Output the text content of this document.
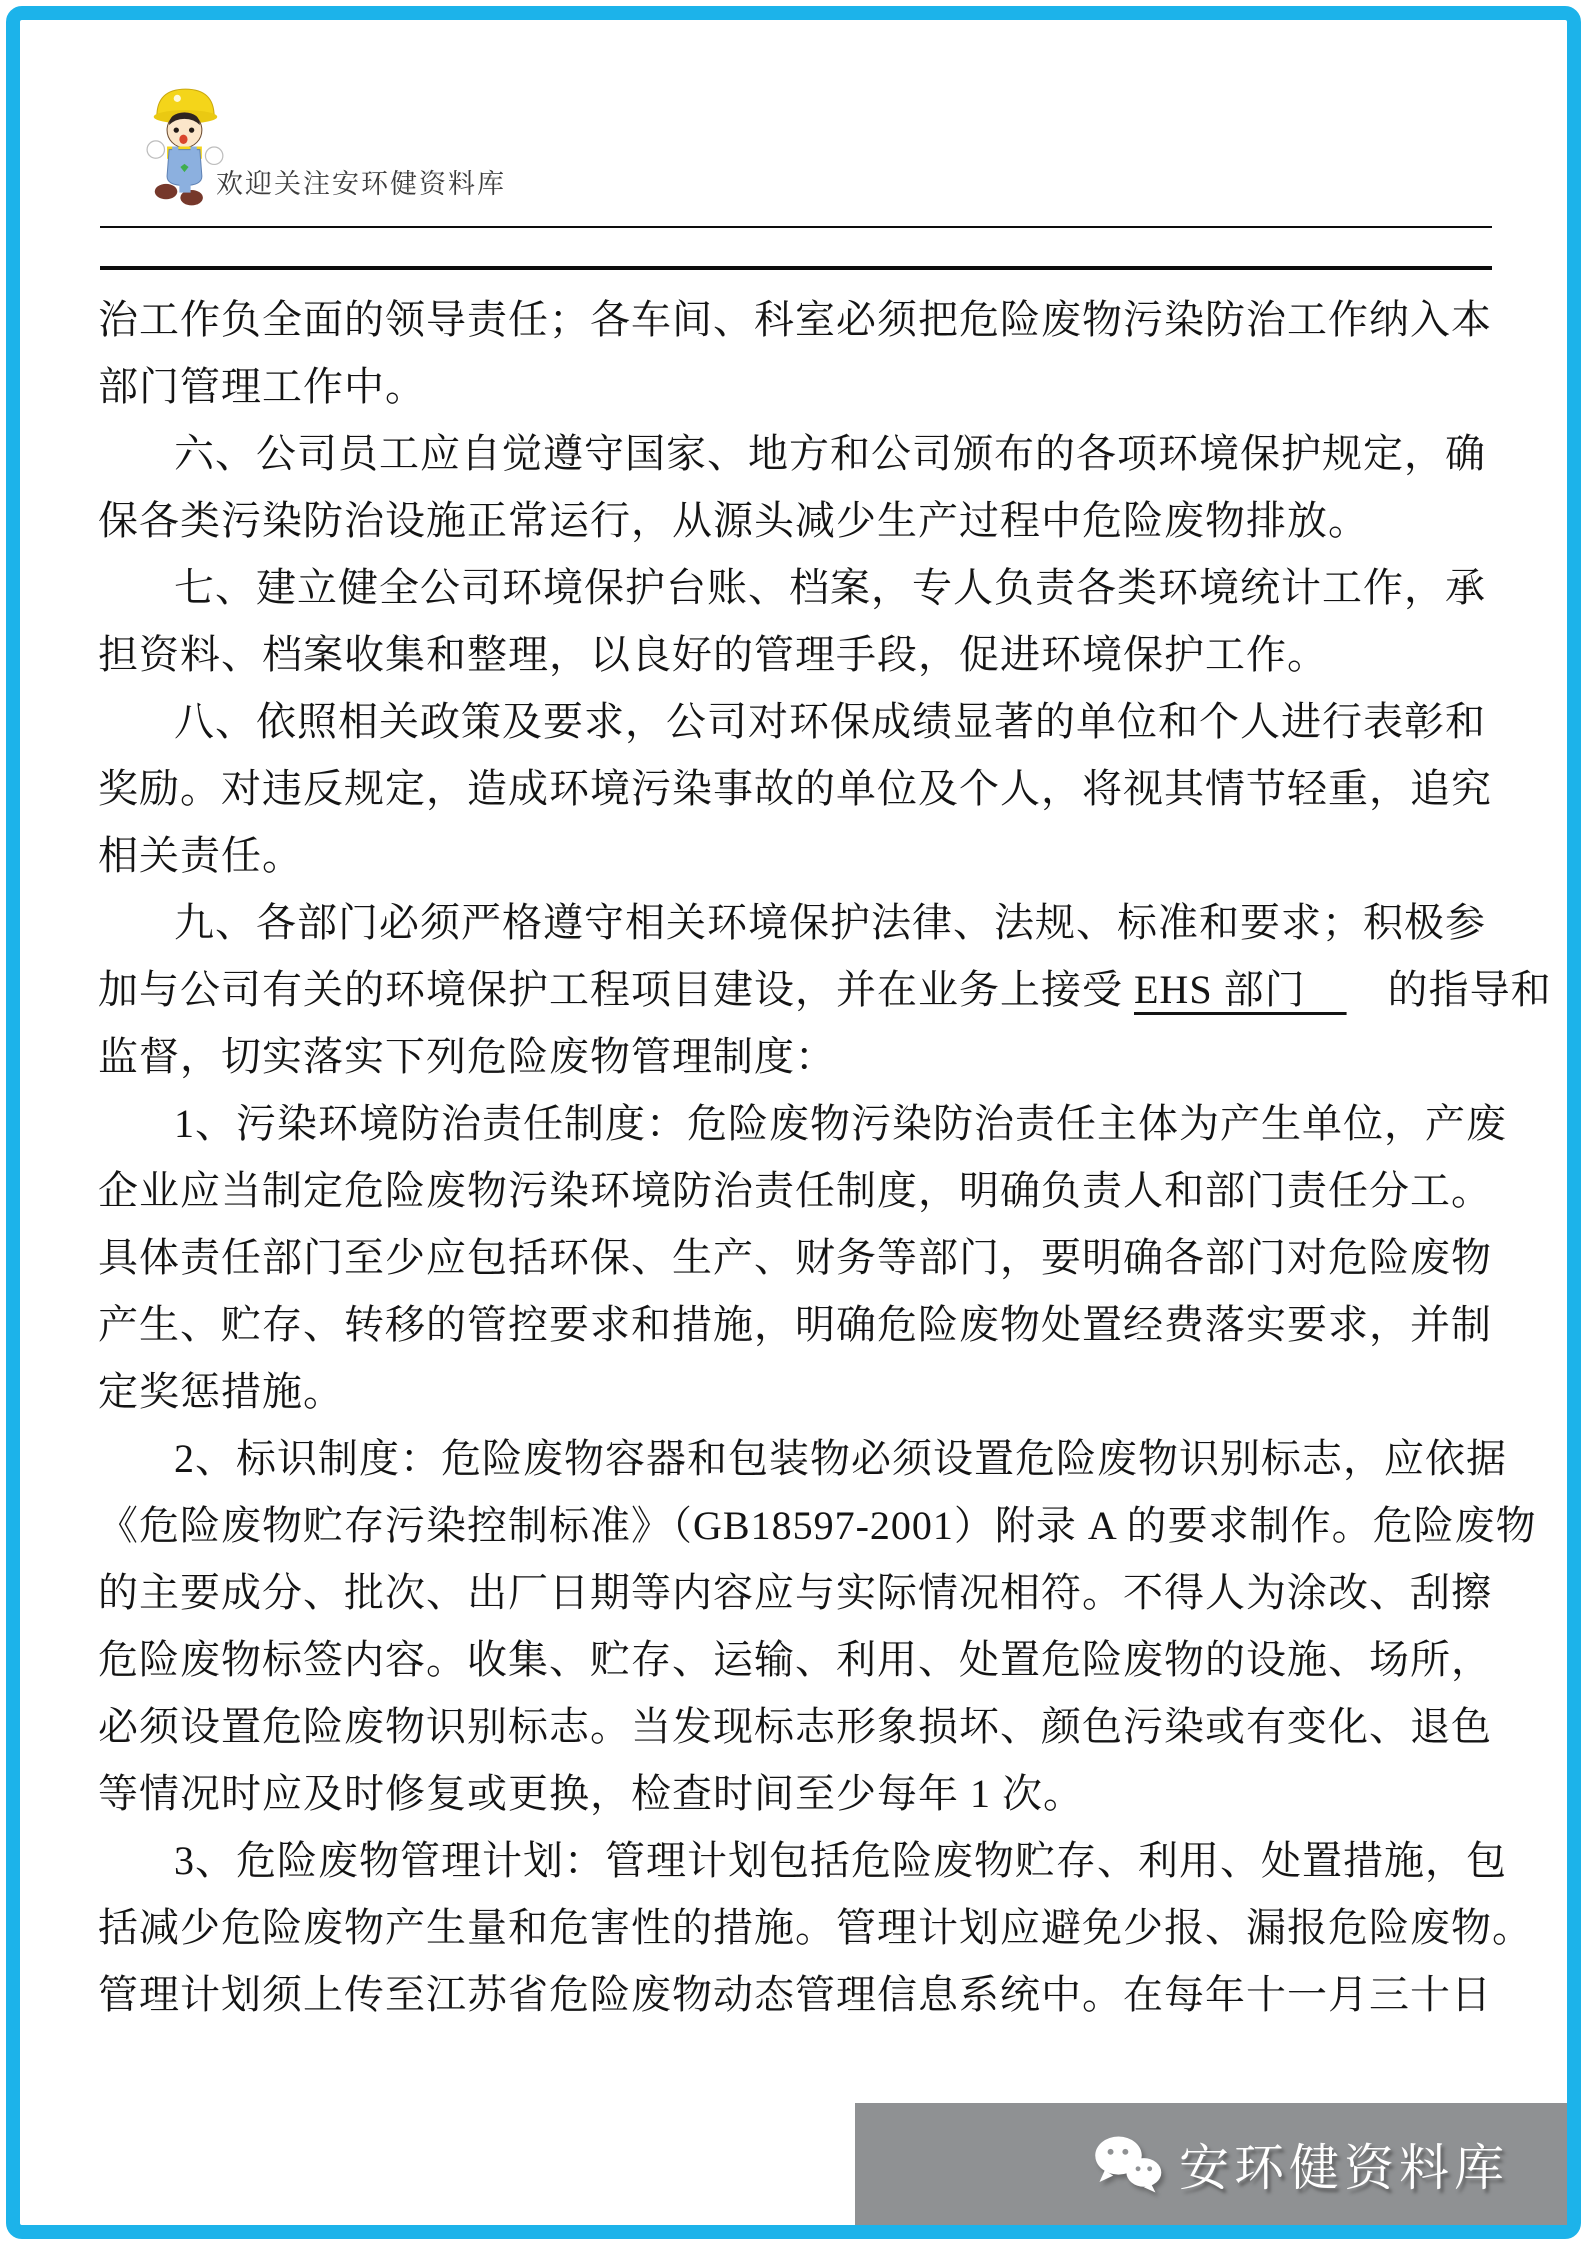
欢迎关注安环健资料库
治工作负全面的领导责任；各车间、科室必须把危险废物污染防治工作纳入本
部门管理工作中。
六、公司员工应自觉遵守国家、地方和公司颁布的各项环境保护规定，确
保各类污染防治设施正常运行，从源头减少生产过程中危险废物排放。
七、建立健全公司环境保护台账、档案，专人负责各类环境统计工作，承
担资料、档案收集和整理，以良好的管理手段，促进环境保护工作。
八、依照相关政策及要求，公司对环保成绩显著的单位和个人进行表彰和
奖励。对违反规定，造成环境污染事故的单位及个人，将视其情节轻重，追究
相关责任。
九、各部门必须严格遵守相关环境保护法律、法规、标准和要求；积极参
加与公司有关的环境保护工程项目建设，并在业务上接受 EHS 部门　　的指导和
监督，切实落实下列危险废物管理制度：
1、污染环境防治责任制度：危险废物污染防治责任主体为产生单位，产废
企业应当制定危险废物污染环境防治责任制度，明确负责人和部门责任分工。
具体责任部门至少应包括环保、生产、财务等部门，要明确各部门对危险废物
产生、贮存、转移的管控要求和措施，明确危险废物处置经费落实要求，并制
定奖惩措施。
2、标识制度：危险废物容器和包装物必须设置危险废物识别标志，应依据
《危险废物贮存污染控制标准》（GB18597-2001）附录 A 的要求制作。危险废物
的主要成分、批次、出厂日期等内容应与实际情况相符。不得人为涂改、刮擦
危险废物标签内容。收集、贮存、运输、利用、处置危险废物的设施、场所，
必须设置危险废物识别标志。当发现标志形象损坏、颜色污染或有变化、退色
等情况时应及时修复或更换，检查时间至少每年 1 次。
3、危险废物管理计划：管理计划包括危险废物贮存、利用、处置措施，包
括减少危险废物产生量和危害性的措施。管理计划应避免少报、漏报危险废物。
管理计划须上传至江苏省危险废物动态管理信息系统中。在每年十一月三十日
安环健资料库
